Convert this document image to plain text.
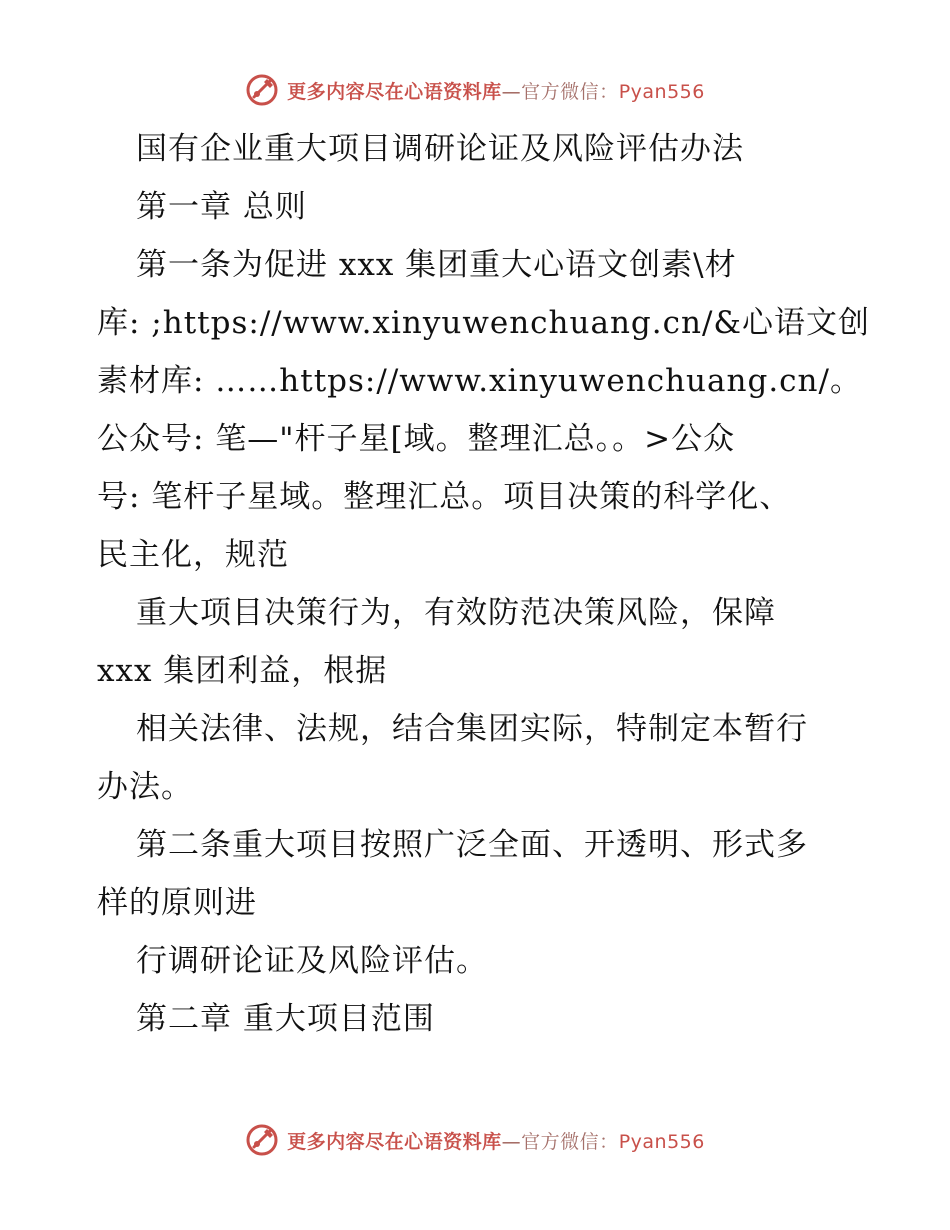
更多内容尽在心语资料库—官方微信：Pyan556
国有企业重大项目调研论证及风险评估办法
第一章 总则
第一条为促进 xxx 集团重大心语文创素\材
库: ;https://www.xinyuwenchuang.cn/&心语文创
素材库: ……https://www.xinyuwenchuang.cn/。
公众号: 笔—"杆子星[域。整理汇总。。>公众
号: 笔杆子星域。整理汇总。项目决策的科学化、
民主化，规范
重大项目决策行为，有效防范决策风险，保障
xxx 集团利益，根据
相关法律、法规，结合集团实际，特制定本暂行
办法。
第二条重大项目按照广泛全面、开透明、形式多
样的原则进
行调研论证及风险评估。
第二章 重大项目范围
更多内容尽在心语资料库—官方微信：Pyan556
